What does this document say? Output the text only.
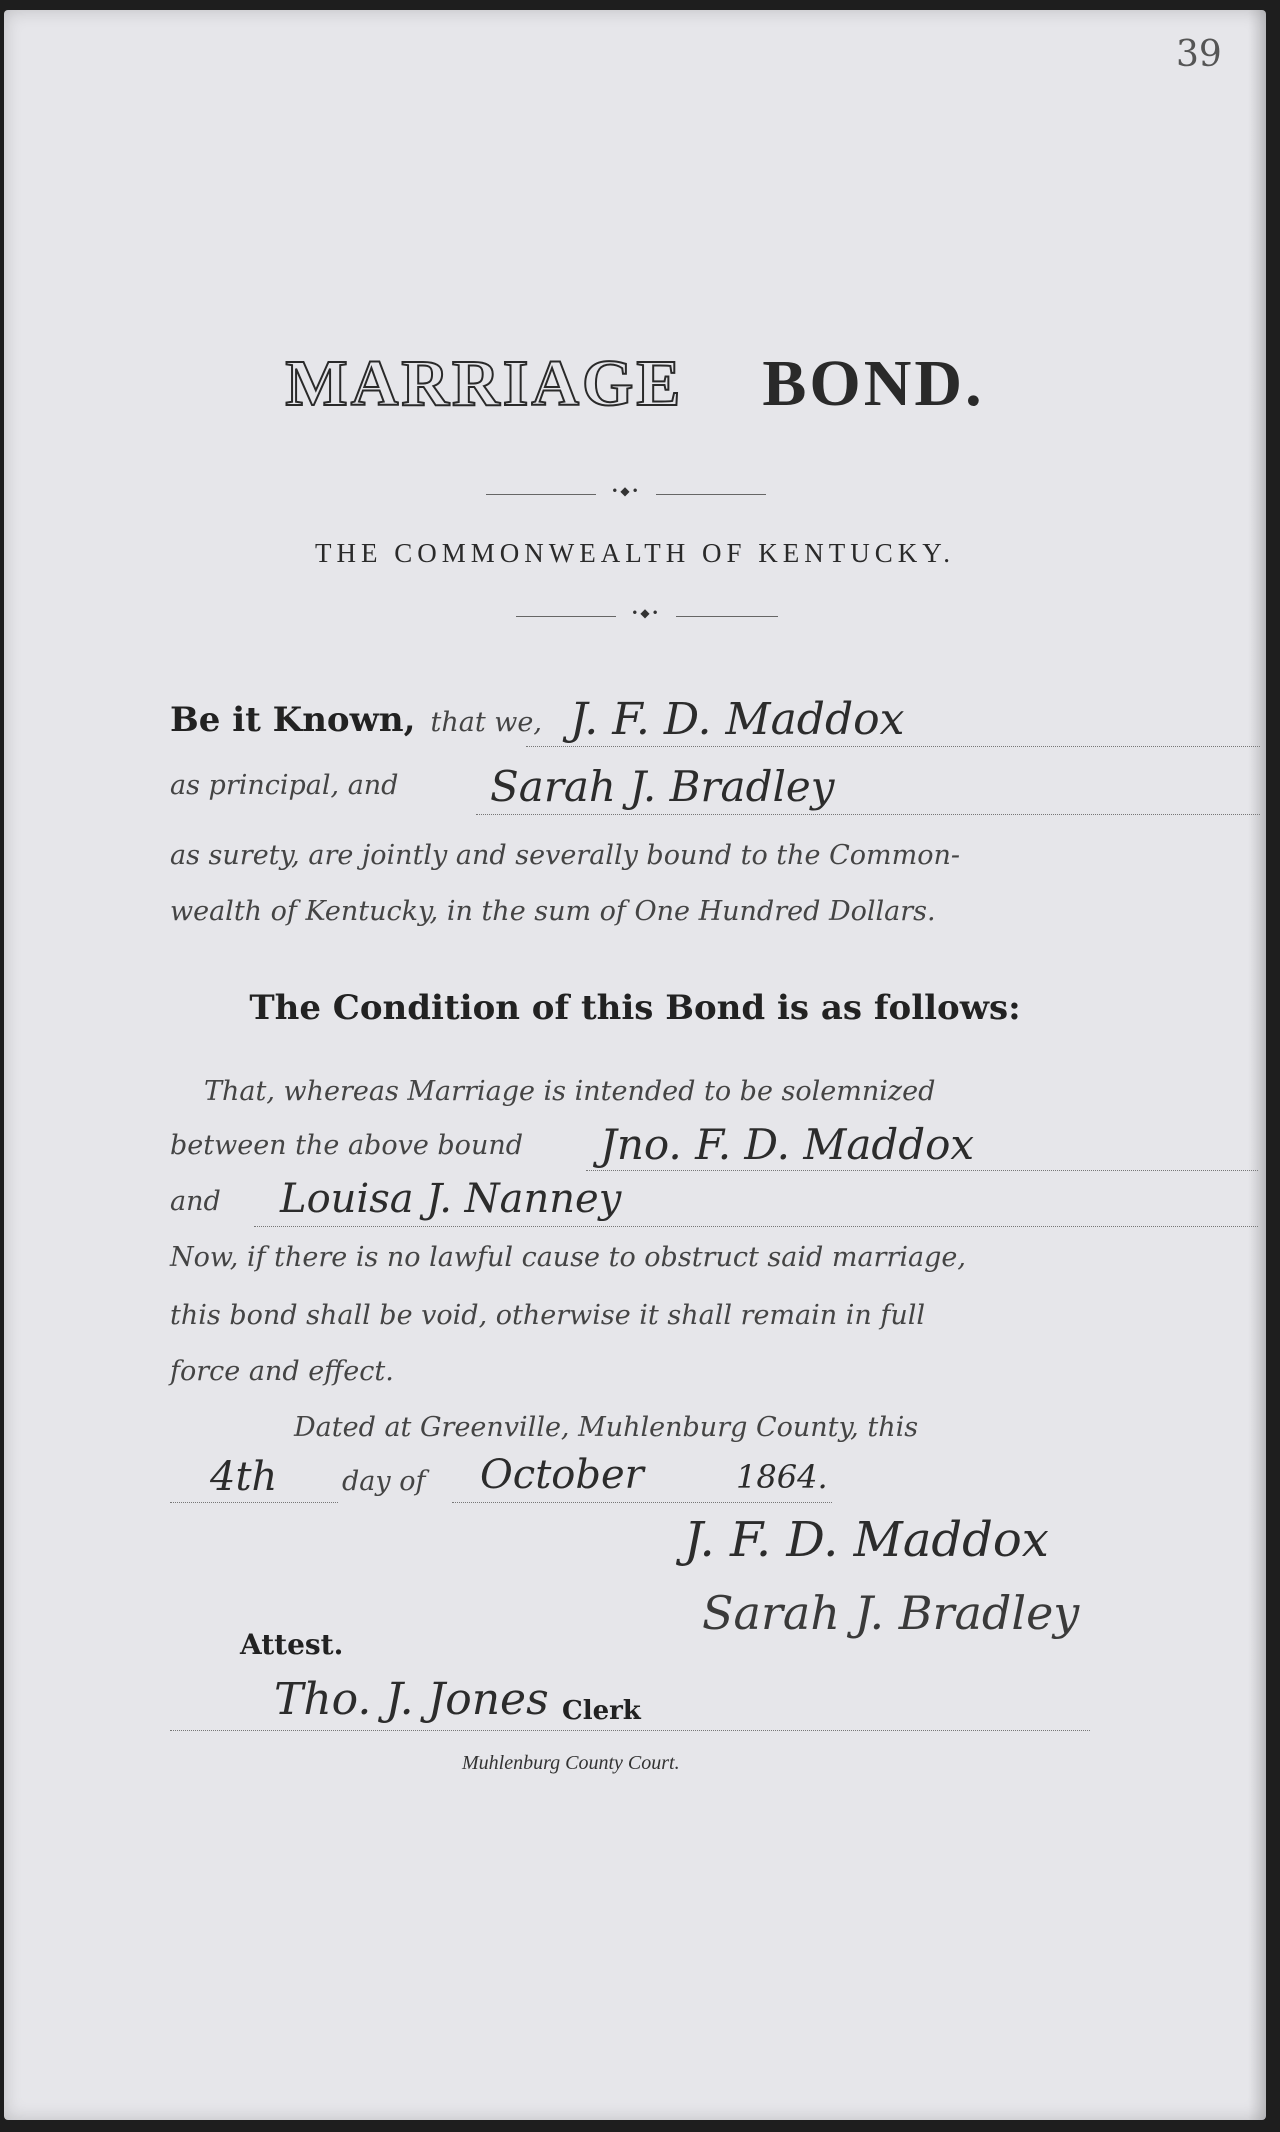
39
MARRIAGE BOND.
•◆•
THE COMMONWEALTH OF KENTUCKY.
•◆•
Be it Known, that we, J. F. D. Maddox
as principal, and Sarah J. Bradley
as surety, are jointly and severally bound to the Common-
wealth of Kentucky, in the sum of One Hundred Dollars.
The Condition of this Bond is as follows:
That, whereas Marriage is intended to be solemnized
between the above bound Jno. F. D. Maddox
and Louisa J. Nanney
Now, if there is no lawful cause to obstruct said marriage,
this bond shall be void, otherwise it shall remain in full
force and effect.
Dated at Greenville, Muhlenburg County, this
4th day of October	1864.
J. F. D. Maddox
Sarah J. Bradley
Attest.
Tho. J. Jones Clerk
Muhlenburg County Court.
